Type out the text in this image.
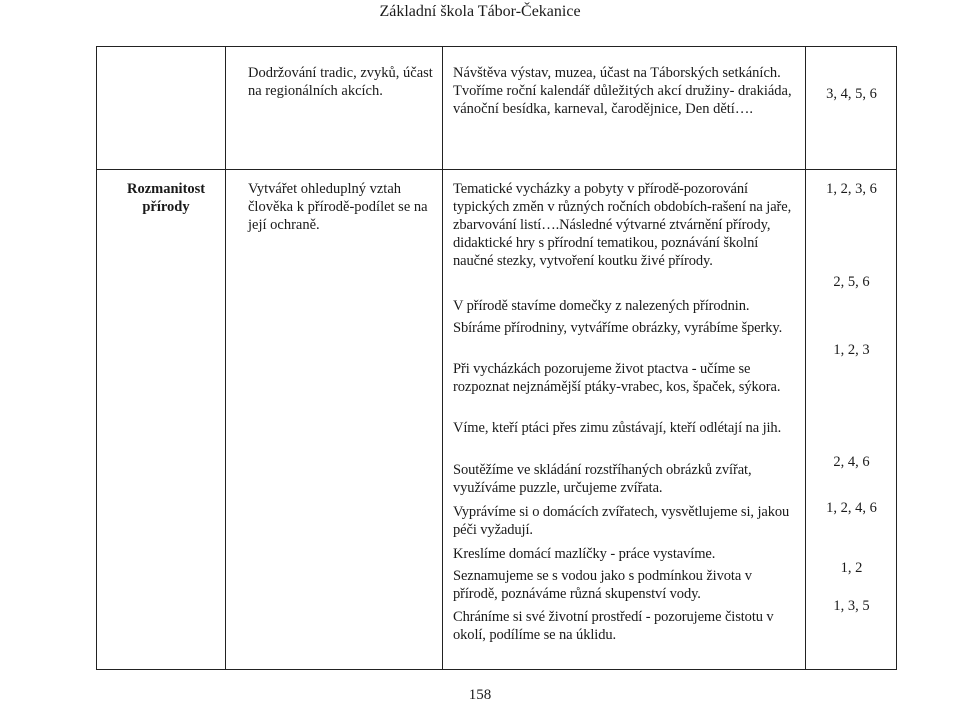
Základní škola Tábor-Čekanice

Dodržování tradic, zvyků, účast na regionálních akcích.

Návštěva výstav, muzea, účast na Táborských setkáních.

Tvoříme roční kalendář důležitých akcí družiny- drakiáda, vánoční besídka, karneval, čarodějnice, Den dětí….

3, 4, 5, 6

Rozmanitost přírody

Vytvářet ohleduplný vztah člověka k přírodě-podílet se na její ochraně.

Tematické vycházky a pobyty v přírodě-pozorování typických změn v různých ročních obdobích-rašení na jaře, zbarvování listí….Následné výtvarné ztvárnění přírody, didaktické hry s přírodní tematikou, poznávání školní naučné stezky, vytvoření koutku živé přírody.

V přírodě stavíme domečky z nalezených přírodnin.

Sbíráme přírodniny, vytváříme obrázky, vyrábíme šperky.

Při vycházkách pozorujeme život ptactva - učíme se rozpoznat nejznámější ptáky-vrabec, kos, špaček, sýkora.

Víme, kteří ptáci přes zimu zůstávají, kteří odlétají na jih.

Soutěžíme ve skládání rozstříhaných obrázků zvířat, využíváme puzzle, určujeme zvířata.

Vyprávíme si o domácích zvířatech, vysvětlujeme si, jakou péči vyžadují.

Kreslíme domácí mazlíčky - práce vystavíme.

Seznamujeme se s vodou jako s podmínkou života v přírodě, poznáváme různá skupenství vody.

Chráníme si své životní prostředí - pozorujeme čistotu v okolí, podílíme se na úklidu.

1, 2, 3, 6

2, 5, 6

1, 2, 3

2, 4, 6

1, 2, 4, 6

1, 2

1, 3, 5

158
